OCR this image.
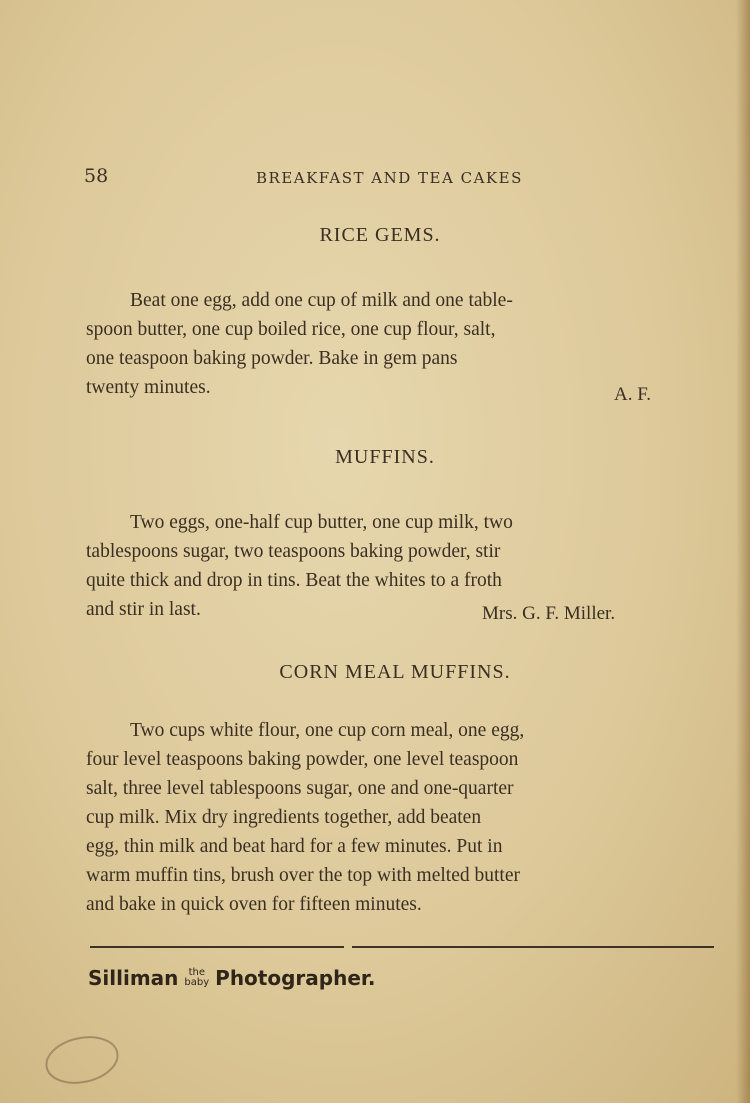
58	BREAKFAST AND TEA CAKES
RICE GEMS.
Beat one egg, add one cup of milk and one table-
spoon butter, one cup boiled rice, one cup flour, salt,
one teaspoon baking powder. Bake in gem pans
twenty minutes.	A. F.
MUFFINS.
Two eggs, one-half cup butter, one cup milk, two
tablespoons sugar, two teaspoons baking powder, stir
quite thick and drop in tins. Beat the whites to a froth
and stir in last.	Mrs. G. F. Miller.
CORN MEAL MUFFINS.
Two cups white flour, one cup corn meal, one egg,
four level teaspoons baking powder, one level teaspoon
salt, three level tablespoons sugar, one and one-quarter
cup milk. Mix dry ingredients together, add beaten
egg, thin milk and beat hard for a few minutes. Put in
warm muffin tins, brush over the top with melted butter
and bake in quick oven for fifteen minutes.
Silliman	the
baby Photographer.
